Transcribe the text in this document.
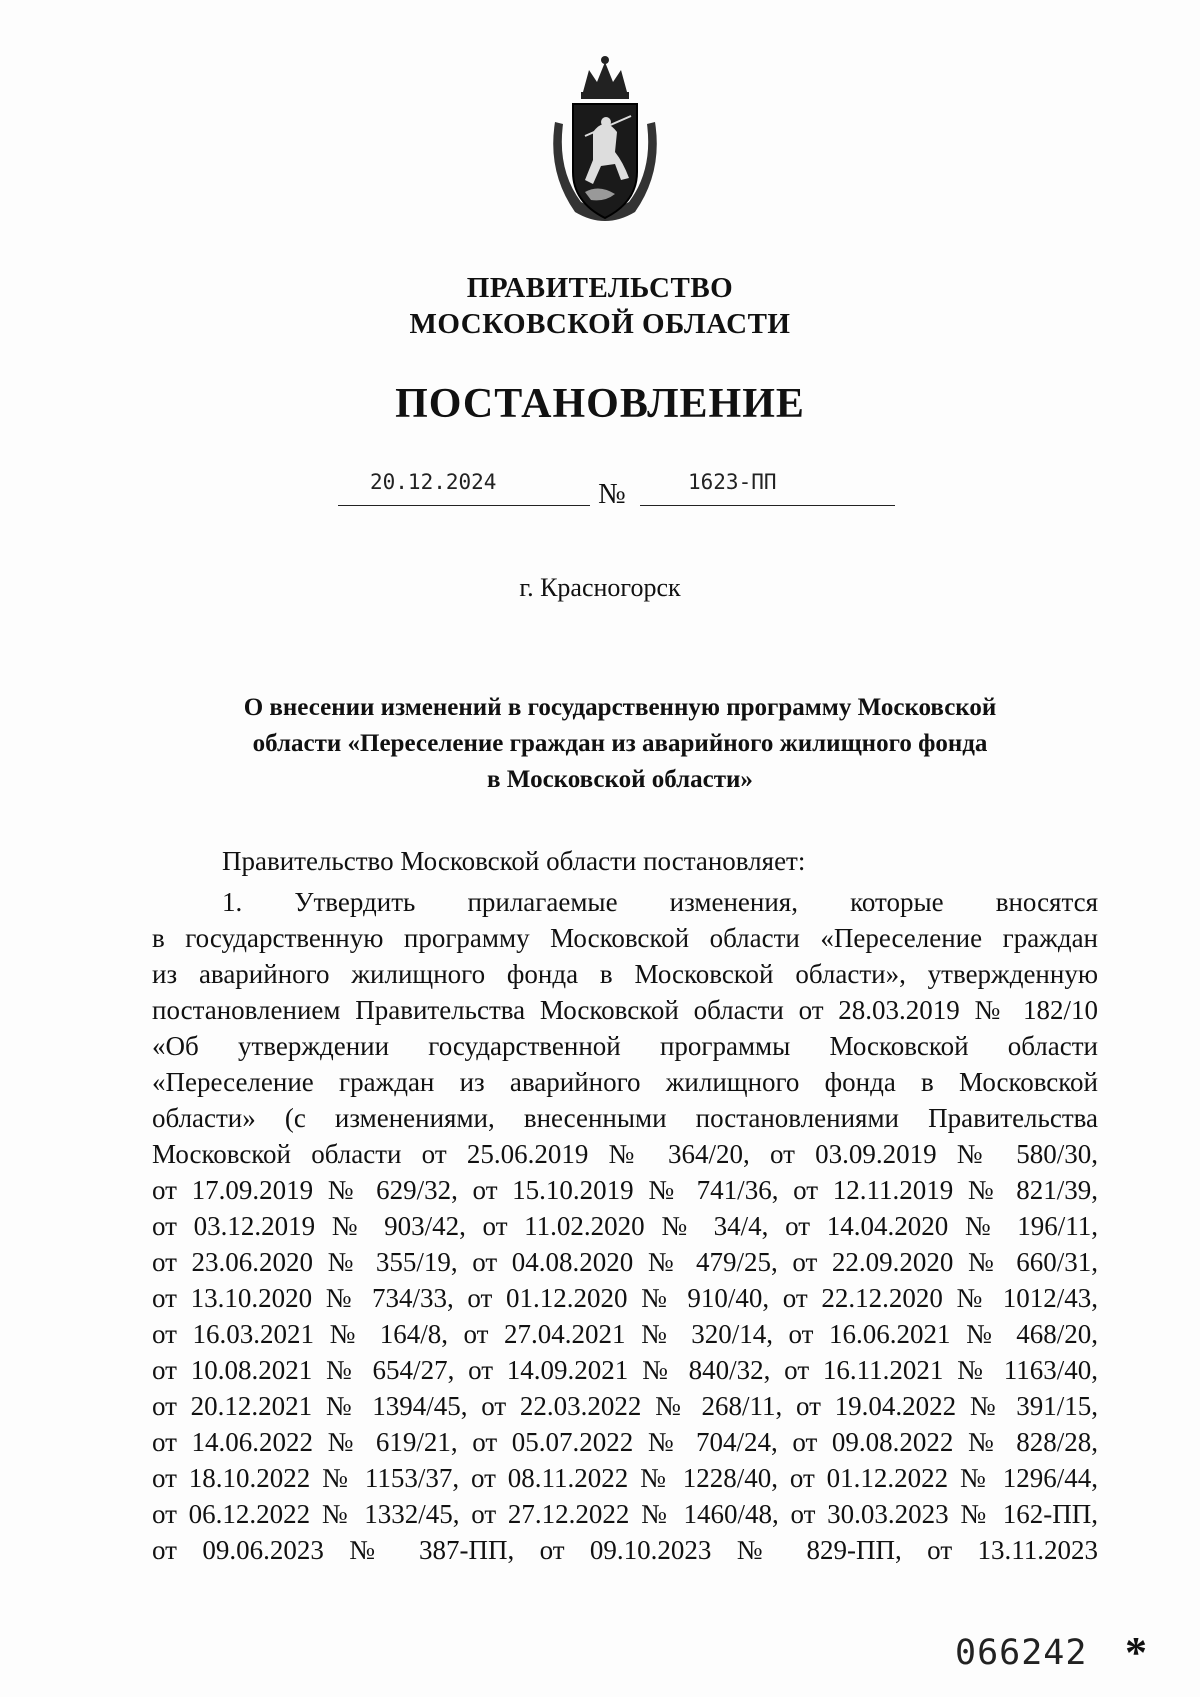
ПРАВИТЕЛЬСТВО
МОСКОВСКОЙ ОБЛАСТИ
ПОСТАНОВЛЕНИЕ
20.12.2024	№	1623-ПП
г. Красногорск
О внесении изменений в государственную программу Московской
области «Переселение граждан из аварийного жилищного фонда
в Московской области»
Правительство Московской области постановляет:
1. Утвердить прилагаемые изменения, которые вносятся
в государственную программу Московской области «Переселение граждан
из аварийного жилищного фонда в Московской области», утвержденную
постановлением Правительства Московской области от 28.03.2019 № 182/10
«Об утверждении государственной программы Московской области
«Переселение граждан из аварийного жилищного фонда в Московской
области» (с изменениями, внесенными постановлениями Правительства
Московской области от 25.06.2019 № 364/20, от 03.09.2019 № 580/30,
от 17.09.2019 № 629/32, от 15.10.2019 № 741/36, от 12.11.2019 № 821/39,
от 03.12.2019 № 903/42, от 11.02.2020 № 34/4, от 14.04.2020 № 196/11,
от 23.06.2020 № 355/19, от 04.08.2020 № 479/25, от 22.09.2020 № 660/31,
от 13.10.2020 № 734/33, от 01.12.2020 № 910/40, от 22.12.2020 № 1012/43,
от 16.03.2021 № 164/8, от 27.04.2021 № 320/14, от 16.06.2021 № 468/20,
от 10.08.2021 № 654/27, от 14.09.2021 № 840/32, от 16.11.2021 № 1163/40,
от 20.12.2021 № 1394/45, от 22.03.2022 № 268/11, от 19.04.2022 № 391/15,
от 14.06.2022 № 619/21, от 05.07.2022 № 704/24, от 09.08.2022 № 828/28,
от 18.10.2022 № 1153/37, от 08.11.2022 № 1228/40, от 01.12.2022 № 1296/44,
от 06.12.2022 № 1332/45, от 27.12.2022 № 1460/48, от 30.03.2023 № 162-ПП,
от 09.06.2023 № 387-ПП, от 09.10.2023 № 829-ПП, от 13.11.2023
066242 *
